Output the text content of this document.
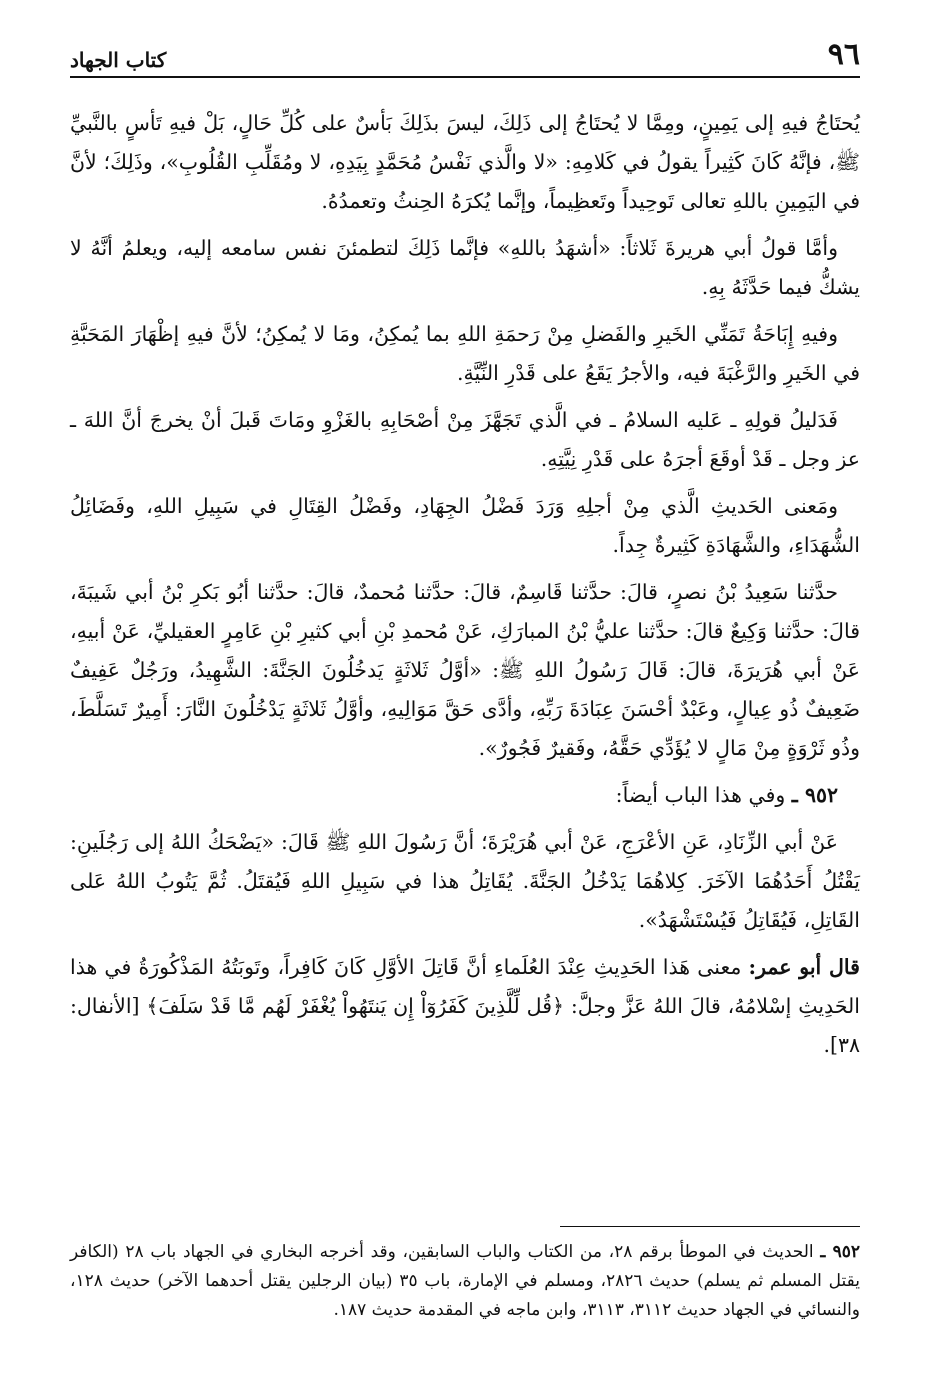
٩٦
كتاب الجهاد

يُحتَاجُ فيهِ إلى يَمِينٍ، ومِمَّا لا يُحتَاجُ إلى ذَلِكَ، ليسَ بذَلِكَ بَأسٌ على كُلِّ حَالٍ، بَلْ فيهِ تَأسٍ بالنَّبيِّ ﷺ، فإنَّهُ كَانَ كَثِيراً يقولُ في كَلامِهِ: «لا والَّذي نَفْسُ مُحَمَّدٍ بِيَدِهِ، لا ومُقَلِّبِ القُلُوبِ»، وذَلِكَ؛ لأنَّ في اليَمِينِ باللهِ تعالى تَوحِيداً وتَعظِيماً، وإنَّما يُكرَهُ الحِنثُ وتعمدُهُ.

وأمَّا قولُ أبي هريرةَ ثَلاثاً: «أشهَدُ باللهِ» فإنَّما ذَلِكَ لتطمئنَ نفس سامعه إليه، ويعلمُ أنَّهُ لا يشكُّ فيما حَدَّثَهُ بِهِ.

وفيهِ إِبَاحَةُ تَمَنِّي الخَيرِ والفَضلِ مِنْ رَحمَةِ اللهِ بما يُمكِنُ، ومَا لا يُمكِنُ؛ لأنَّ فيهِ إظْهَارَ المَحَبَّةِ في الخَيرِ والرَّغْبَةَ فيه، والأجرُ يَقَعُ على قَدْرِ النِّيَّةِ.

فَدَليلُ قولِهِ ـ عَليه السلامُ ـ في الَّذي تَجَهَّزَ مِنْ أصْحَابِهِ بالغَزْوِ ومَاتَ قَبلَ أنْ يخرجَ أنَّ اللهَ ـ عز وجل ـ قَدْ أوقَعَ أجرَهُ على قَدْرِ نِيَّتِهِ.

ومَعنى الحَديثِ الَّذي مِنْ أجلِهِ وَرَدَ فَضْلُ الجِهَادِ، وفَضْلُ القِتَالِ في سَبِيلِ اللهِ، وفَضَائِلُ الشُّهَدَاءِ، والشَّهَادَةِ كَثِيرةٌ جِداً.

حدَّثنا سَعِيدُ بْنُ نصرٍ، قالَ: حدَّثنا قَاسِمٌ، قالَ: حدَّثنا مُحمدٌ، قالَ: حدَّثنا أبُو بَكرِ بْنُ أبي شَيبَةَ، قالَ: حدَّثنا وَكِيعٌ قالَ: حدَّثنا عليُّ بْنُ المبارَكِ، عَنْ مُحمدِ بْنِ أبي كثيرِ بْنِ عَامِرٍ العقيليِّ، عَنْ أبيهِ، عَنْ أبي هُرَيرَةَ، قالَ: قَالَ رَسُولُ اللهِ ﷺ: «أوَّلُ ثَلاثَةٍ يَدخُلُونَ الجَنَّةَ: الشَّهِيدُ، ورَجُلٌ عَفِيفٌ ضَعِيفٌ ذُو عِيالٍ، وعَبْدٌ أحْسَنَ عِبَادَةَ رَبِّهِ، وأدَّى حَقَّ مَوَالِيهِ، وأوَّلُ ثَلاثَةٍ يَدْخُلُونَ النَّارَ: أَمِيرٌ تَسَلَّطَ، وذُو ثَرْوَةٍ مِنْ مَالٍ لا يُؤَدِّي حَقَّهُ، وفَقيرٌ فَجُورٌ».

٩٥٢ ـ وفي هذا الباب أيضاً:

عَنْ أبي الزِّنَادِ، عَنِ الأعْرَجِ، عَنْ أبي هُرَيْرَةَ؛ أنَّ رَسُولَ اللهِ ﷺ قَالَ: «يَضْحَكُ اللهُ إلى رَجُلَينِ: يَقْتُلُ أَحَدُهُمَا الآخَرَ. كِلاهُمَا يَدْخُلُ الجَنَّةَ. يُقَاتِلُ هذا في سَبِيلِ اللهِ فَيُقتَلُ. ثُمَّ يَتُوبُ اللهُ عَلى القَاتِلِ، فَيُقَاتِلُ فَيُسْتَشْهَدُ».

قال أبو عمر: معنى هَذا الحَدِيثِ عِنْدَ العُلَماءِ أنَّ قَاتِلَ الأوَّلِ كَانَ كَافِراً، وتَوبَتُهُ المَذْكُورَةُ في هذا الحَدِيثِ إسْلامُهُ، قالَ اللهُ عَزَّ وجلَّ: ﴿قُل لِّلَّذِينَ كَفَرُوٓاْ إِن يَنتَهُواْ يُغْفَرْ لَهُم مَّا قَدْ سَلَفَ﴾ [الأنفال: ٣٨].

٩٥٢ ـ الحديث في الموطأ برقم ٢٨، من الكتاب والباب السابقين، وقد أخرجه البخاري في الجهاد باب ٢٨ (الكافر يقتل المسلم ثم يسلم) حديث ٢٨٢٦، ومسلم في الإمارة، باب ٣٥ (بيان الرجلين يقتل أحدهما الآخر) حديث ١٢٨، والنسائي في الجهاد حديث ٣١١٢، ٣١١٣، وابن ماجه في المقدمة حديث ١٨٧.
